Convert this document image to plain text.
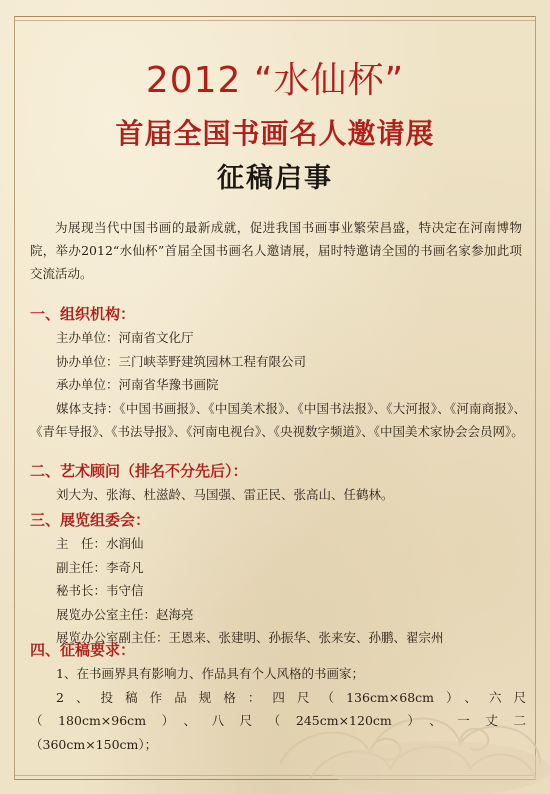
2012 “水仙杯”
首届全国书画名人邀请展
征稿启事
为展现当代中国书画的最新成就，促进我国书画事业繁荣昌盛，特决定在河南博物院，举办2012“水仙杯”首届全国书画名人邀请展，届时特邀请全国的书画名家参加此项交流活动。
一、组织机构：
主办单位：河南省文化厅
协办单位：三门峡莘野建筑园林工程有限公司
承办单位：河南省华豫书画院
媒体支持：《中国书画报》、《中国美术报》、《中国书法报》、《大河报》、《河南商报》、《青年导报》、《书法导报》、《河南电视台》、《央视数字频道》、《中国美术家协会会员网》。
二、艺术顾问（排名不分先后）：
刘大为、张海、杜滋龄、马国强、雷正民、张高山、任鹤林。
三、展览组委会：
主　任：水润仙
副主任：李奇凡
秘书长：韦守信
展览办公室主任：赵海亮
展览办公室副主任：王恩来、张建明、孙振华、张来安、孙鹏、翟宗州
四、征稿要求：
1、在书画界具有影响力、作品具有个人风格的书画家；
2、投稿作品规格：四尺（136cm×68cm）、六尺
（180cm×96cm）、八尺（245cm×120cm）、一丈二
（360cm×150cm）；
